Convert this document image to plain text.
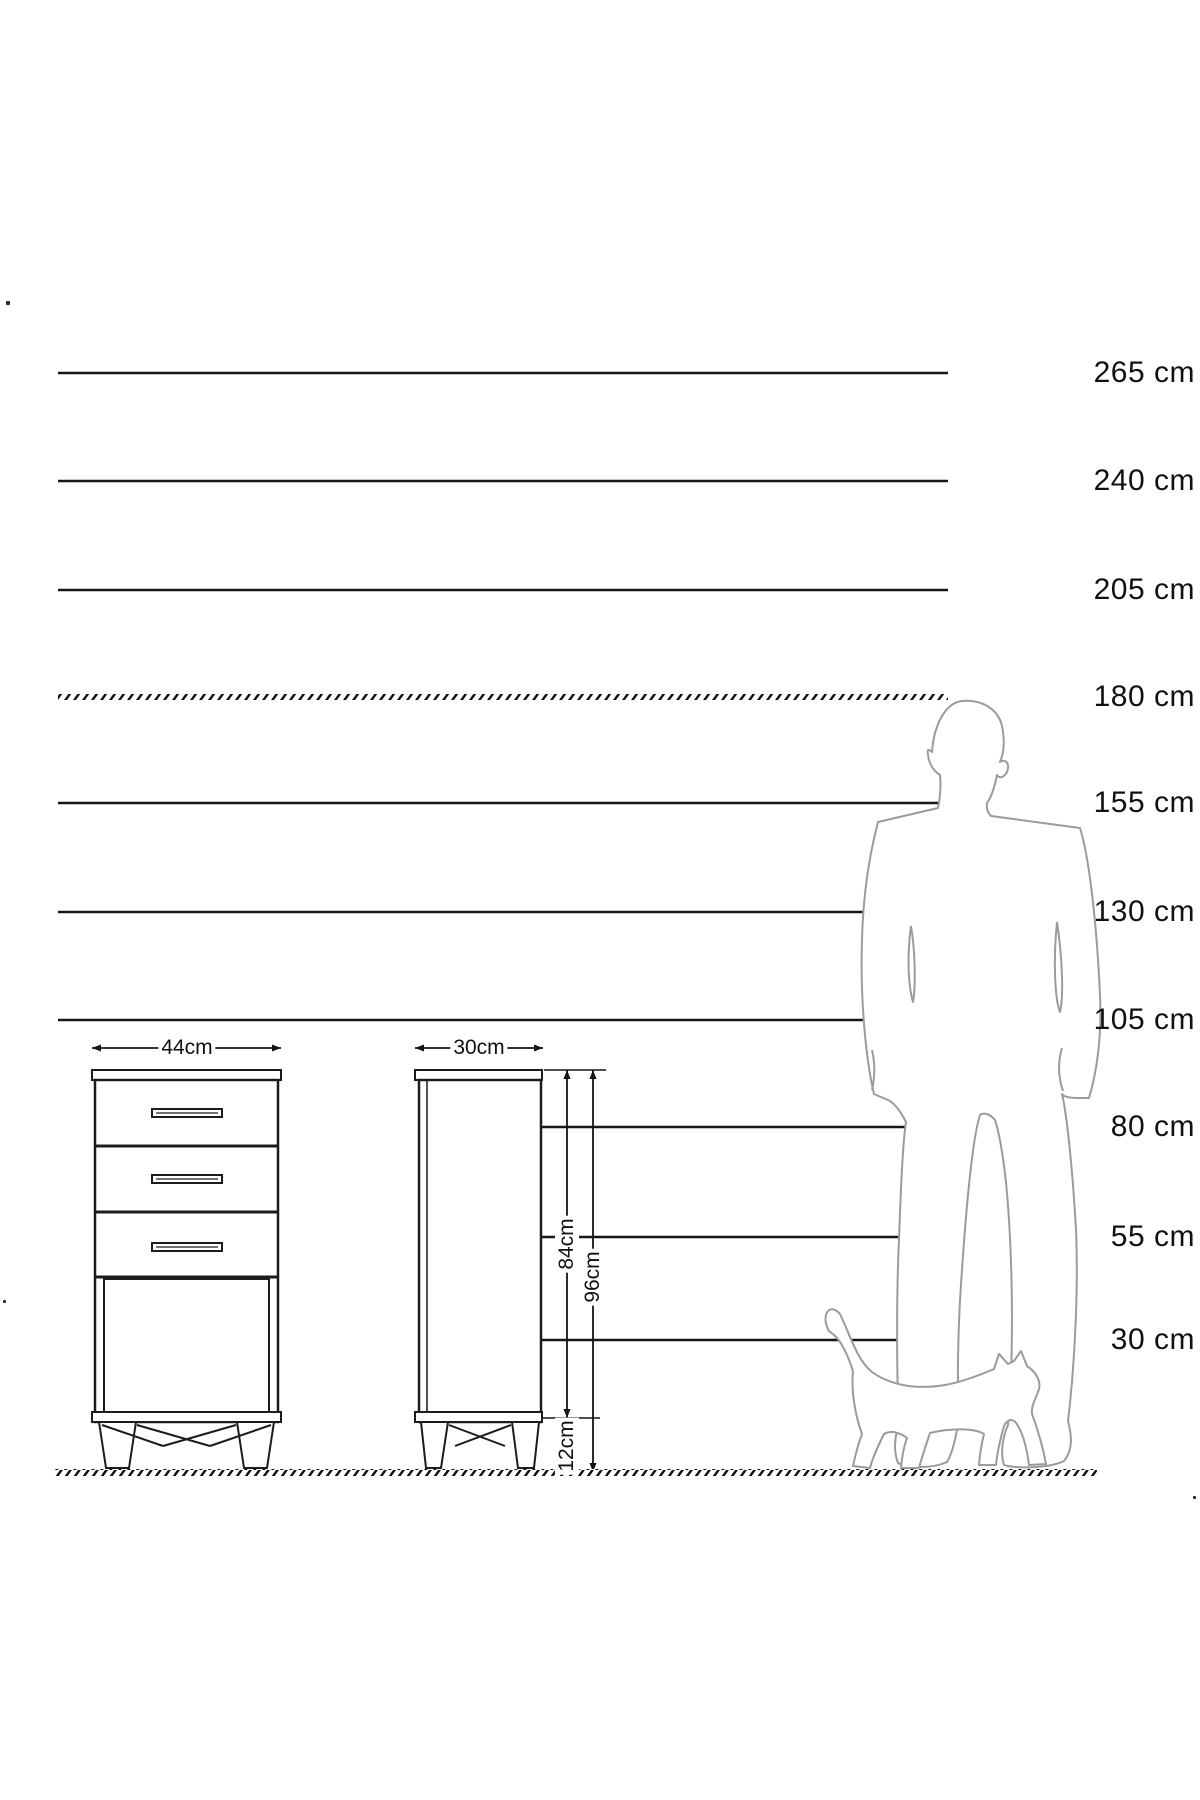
265 cm
240 cm
205 cm
180 cm
155 cm
130 cm
105 cm
80 cm
55 cm
30 cm
44cm	30cm
84cm
96cm
12cm
